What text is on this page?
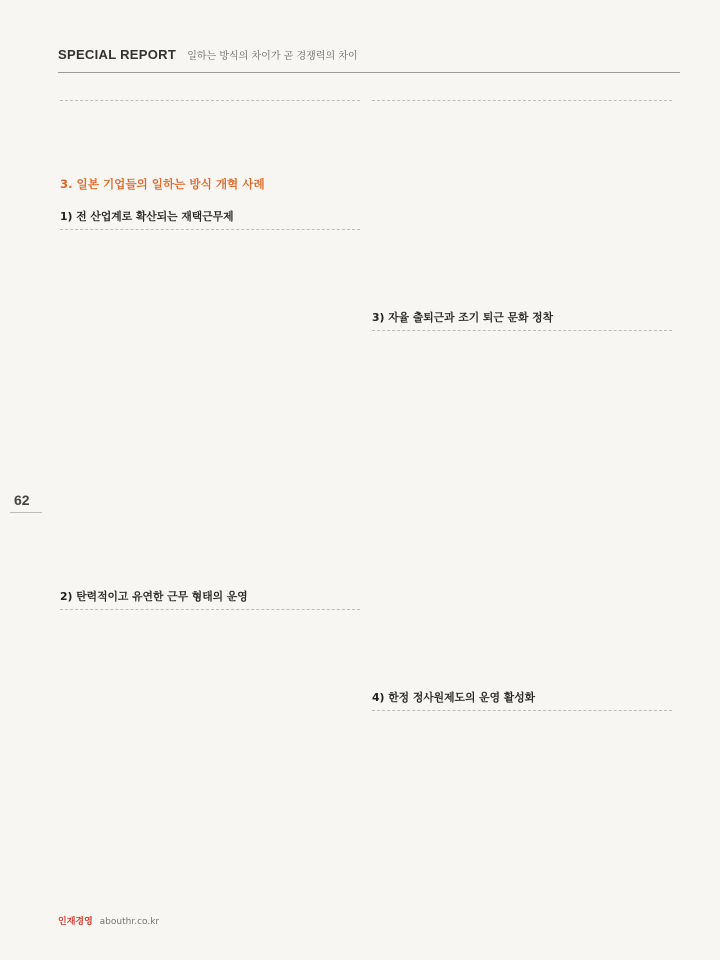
SPECIAL REPORT 일하는 방식의 차이가 곧 경쟁력의 차이
62

3. 일본 기업들의 일하는 방식 개혁 사례
1) 전 산업계로 확산되는 재택근무제

2) 탄력적이고 유연한 근무 형태의 운영

3) 자율 출퇴근과 조기 퇴근 문화 정착

4) 한정 정사원제도의 운영 활성화

인재경영 abouthr.co.kr
